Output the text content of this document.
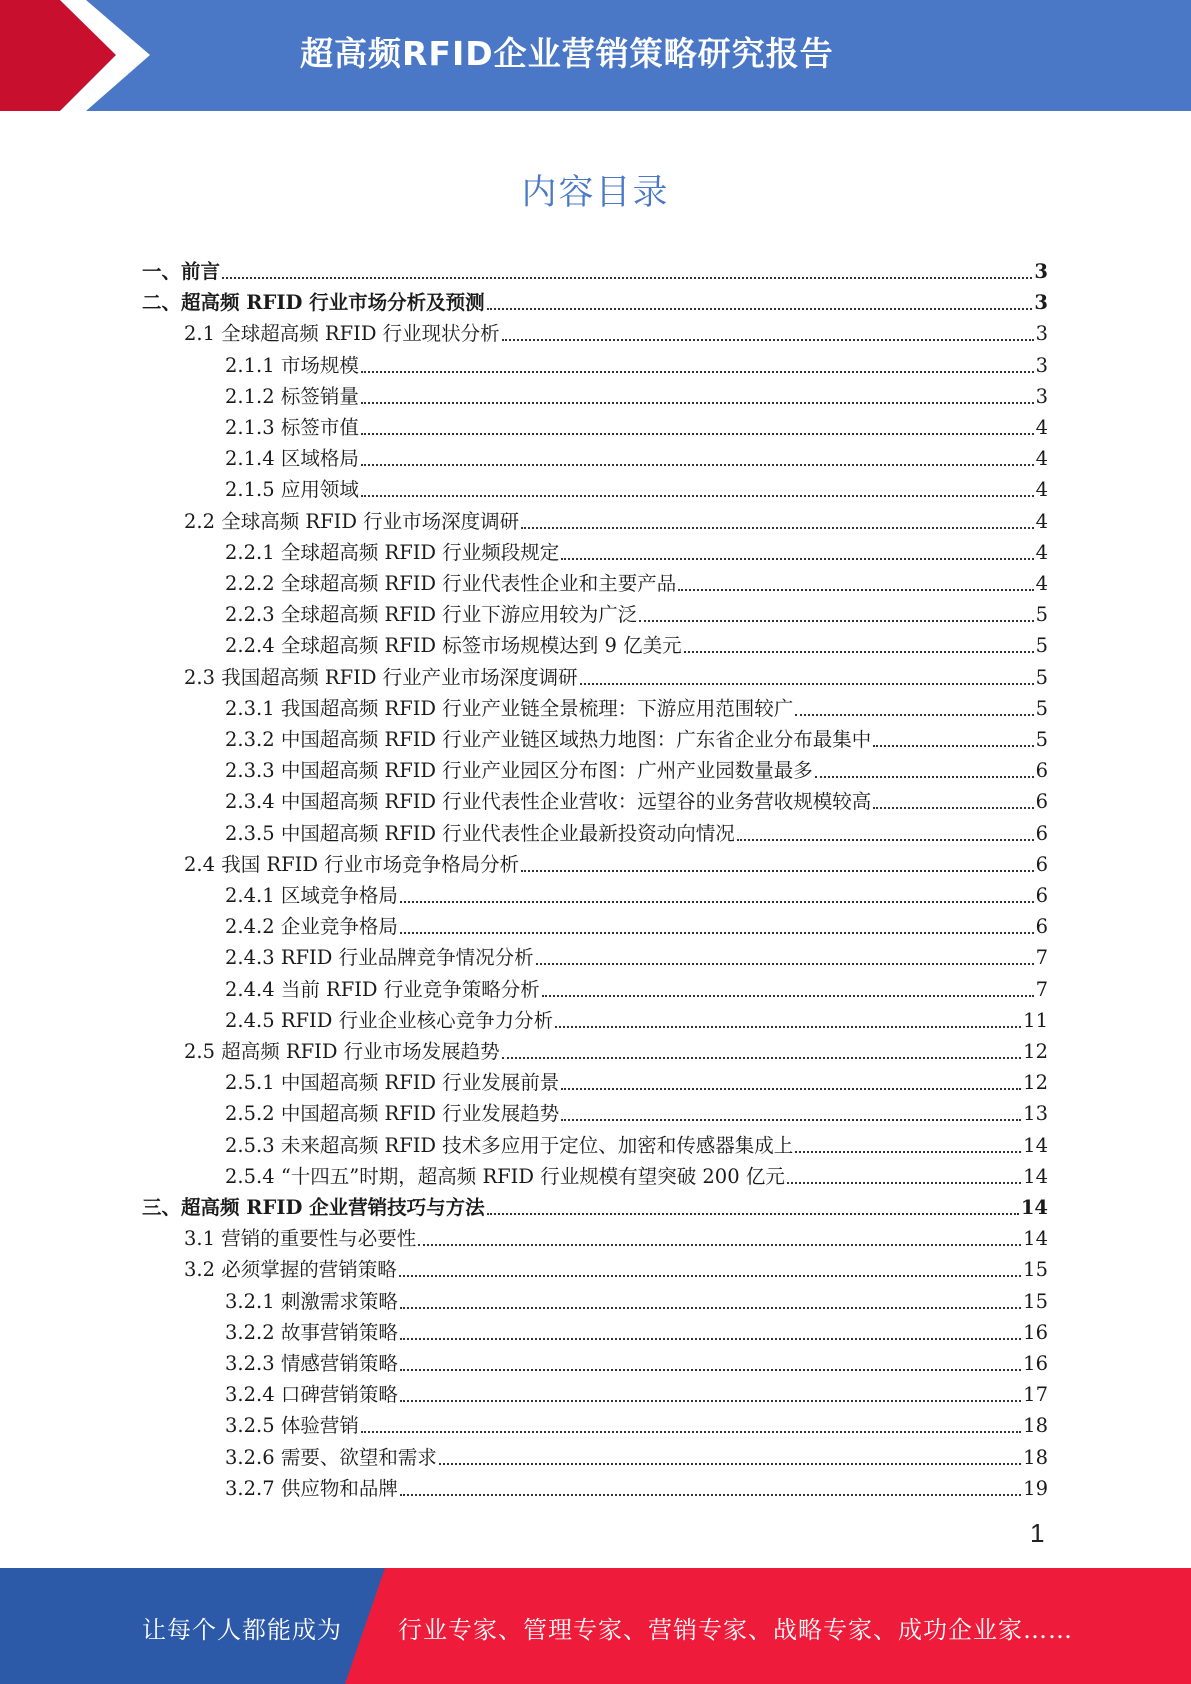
超高频RFID企业营销策略研究报告
内容目录
一、前言	3
二、超高频 RFID 行业市场分析及预测	3
2.1 全球超高频 RFID 行业现状分析	3
2.1.1 市场规模	3
2.1.2 标签销量	3
2.1.3 标签市值	4
2.1.4 区域格局	4
2.1.5 应用领域	4
2.2 全球高频 RFID 行业市场深度调研	4
2.2.1 全球超高频 RFID 行业频段规定	4
2.2.2 全球超高频 RFID 行业代表性企业和主要产品	4
2.2.3 全球超高频 RFID 行业下游应用较为广泛	5
2.2.4 全球超高频 RFID 标签市场规模达到 9 亿美元	5
2.3 我国超高频 RFID 行业产业市场深度调研	5
2.3.1 我国超高频 RFID 行业产业链全景梳理：下游应用范围较广	5
2.3.2 中国超高频 RFID 行业产业链区域热力地图：广东省企业分布最集中	5
2.3.3 中国超高频 RFID 行业产业园区分布图：广州产业园数量最多	6
2.3.4 中国超高频 RFID 行业代表性企业营收：远望谷的业务营收规模较高	6
2.3.5 中国超高频 RFID 行业代表性企业最新投资动向情况	6
2.4 我国 RFID 行业市场竞争格局分析	6
2.4.1 区域竞争格局	6
2.4.2 企业竞争格局	6
2.4.3 RFID 行业品牌竞争情况分析	7
2.4.4 当前 RFID 行业竞争策略分析	7
2.4.5 RFID 行业企业核心竞争力分析	11
2.5 超高频 RFID 行业市场发展趋势	12
2.5.1 中国超高频 RFID 行业发展前景	12
2.5.2 中国超高频 RFID 行业发展趋势	13
2.5.3 未来超高频 RFID 技术多应用于定位、加密和传感器集成上	14
2.5.4 “十四五”时期，超高频 RFID 行业规模有望突破 200 亿元	14
三、超高频 RFID 企业营销技巧与方法	14
3.1 营销的重要性与必要性	14
3.2 必须掌握的营销策略	15
3.2.1 刺激需求策略	15
3.2.2 故事营销策略	16
3.2.3 情感营销策略	16
3.2.4 口碑营销策略	17
3.2.5 体验营销	18
3.2.6 需要、欲望和需求	18
3.2.7 供应物和品牌	19
1
让每个人都能成为 行业专家、管理专家、营销专家、战略专家、成功企业家……
